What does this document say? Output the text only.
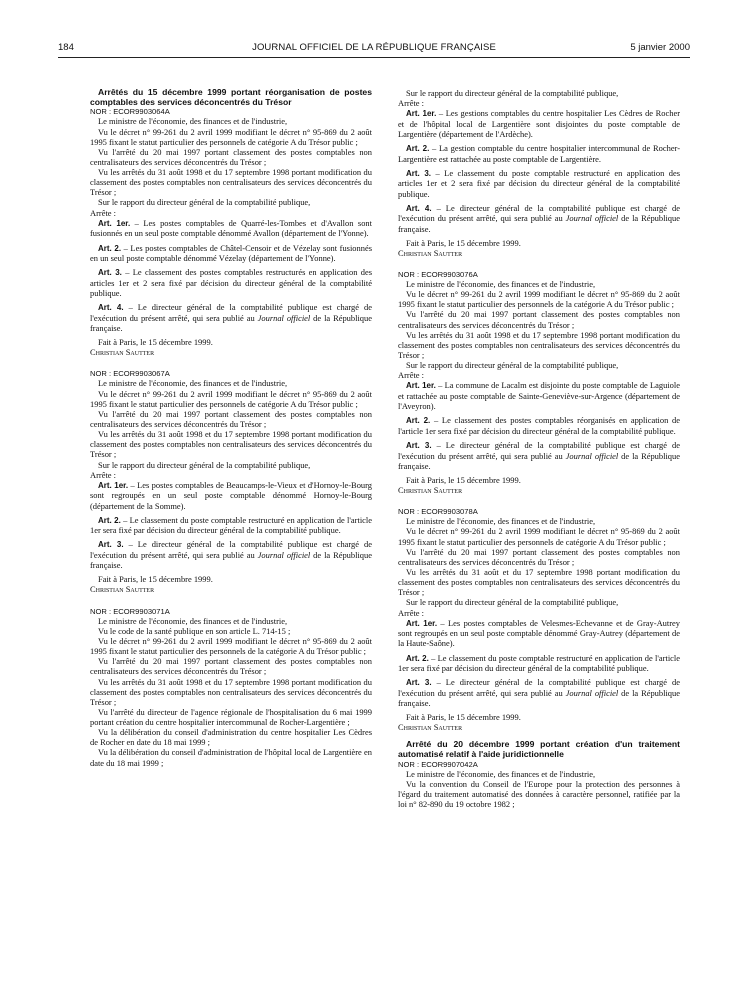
184	JOURNAL OFFICIEL DE LA RÉPUBLIQUE FRANÇAISE	5 janvier 2000

Arrêtés du 15 décembre 1999 portant réorganisation de postes comptables des services déconcentrés du Trésor

NOR : ECOR9903064A

Le ministre de l'économie, des finances et de l'industrie,

Vu le décret n° 99-261 du 2 avril 1999 modifiant le décret n° 95-869 du 2 août 1995 fixant le statut particulier des personnels de catégorie A du Trésor public ;

Vu l'arrêté du 20 mai 1997 portant classement des postes comptables non centralisateurs des services déconcentrés du Trésor ;

Vu les arrêtés du 31 août 1998 et du 17 septembre 1998 portant modification du classement des postes comptables non centralisateurs des services déconcentrés du Trésor ;

Sur le rapport du directeur général de la comptabilité publique,

Arrête :

Art. 1er. – Les postes comptables de Quarré-les-Tombes et d'Avallon sont fusionnés en un seul poste comptable dénommé Avallon (département de l'Yonne).

Art. 2. – Les postes comptables de Châtel-Censoir et de Vézelay sont fusionnés en un seul poste comptable dénommé Vézelay (département de l'Yonne).

Art. 3. – Le classement des postes comptables restructurés en application des articles 1er et 2 sera fixé par décision du directeur général de la comptabilité publique.

Art. 4. – Le directeur général de la comptabilité publique est chargé de l'exécution du présent arrêté, qui sera publié au Journal officiel de la République française.

Fait à Paris, le 15 décembre 1999.

Christian Sautter

NOR : ECOR9903067A

Le ministre de l'économie, des finances et de l'industrie,

Vu le décret n° 99-261 du 2 avril 1999 modifiant le décret n° 95-869 du 2 août 1995 fixant le statut particulier des personnels de catégorie A du Trésor public ;

Vu l'arrêté du 20 mai 1997 portant classement des postes comptables non centralisateurs des services déconcentrés du Trésor ;

Vu les arrêtés du 31 août 1998 et du 17 septembre 1998 portant modification du classement des postes comptables non centralisateurs des services déconcentrés du Trésor ;

Sur le rapport du directeur général de la comptabilité publique,

Arrête :

Art. 1er. – Les postes comptables de Beaucamps-le-Vieux et d'Hornoy-le-Bourg sont regroupés en un seul poste comptable dénommé Hornoy-le-Bourg (département de la Somme).

Art. 2. – Le classement du poste comptable restructuré en application de l'article 1er sera fixé par décision du directeur général de la comptabilité publique.

Art. 3. – Le directeur général de la comptabilité publique est chargé de l'exécution du présent arrêté, qui sera publié au Journal officiel de la République française.

Fait à Paris, le 15 décembre 1999.

Christian Sautter

NOR : ECOR9903071A

Le ministre de l'économie, des finances et de l'industrie,

Vu le code de la santé publique en son article L. 714-15 ;

Vu le décret n° 99-261 du 2 avril 1999 modifiant le décret n° 95-869 du 2 août 1995 fixant le statut particulier des personnels de la catégorie A du Trésor public ;

Vu l'arrêté du 20 mai 1997 portant classement des postes comptables non centralisateurs des services déconcentrés du Trésor ;

Vu les arrêtés du 31 août 1998 et du 17 septembre 1998 portant modification du classement des postes comptables non centralisateurs des services déconcentrés du Trésor ;

Vu l'arrêté du directeur de l'agence régionale de l'hospitalisation du 6 mai 1999 portant création du centre hospitalier intercommunal de Rocher-Largentière ;

Vu la délibération du conseil d'administration du centre hospitalier Les Cèdres de Rocher en date du 18 mai 1999 ;

Vu la délibération du conseil d'administration de l'hôpital local de Largentière en date du 18 mai 1999 ;

Sur le rapport du directeur général de la comptabilité publique,

Arrête :

Art. 1er. – Les gestions comptables du centre hospitalier Les Cèdres de Rocher et de l'hôpital local de Largentière sont disjointes du poste comptable de Largentière (département de l'Ardèche).

Art. 2. – La gestion comptable du centre hospitalier intercommunal de Rocher-Largentière est rattachée au poste comptable de Largentière.

Art. 3. – Le classement du poste comptable restructuré en application des articles 1er et 2 sera fixé par décision du directeur général de la comptabilité publique.

Art. 4. – Le directeur général de la comptabilité publique est chargé de l'exécution du présent arrêté, qui sera publié au Journal officiel de la République française.

Fait à Paris, le 15 décembre 1999.

Christian Sautter

NOR : ECOR9903076A

Le ministre de l'économie, des finances et de l'industrie,

Vu le décret n° 99-261 du 2 avril 1999 modifiant le décret n° 95-869 du 2 août 1995 fixant le statut particulier des personnels de la catégorie A du Trésor public ;

Vu l'arrêté du 20 mai 1997 portant classement des postes comptables non centralisateurs des services déconcentrés du Trésor ;

Vu les arrêtés du 31 août 1998 et du 17 septembre 1998 portant modification du classement des postes comptables non centralisateurs des services déconcentrés du Trésor ;

Sur le rapport du directeur général de la comptabilité publique,

Arrête :

Art. 1er. – La commune de Lacalm est disjointe du poste comptable de Laguiole et rattachée au poste comptable de Sainte-Geneviève-sur-Argence (département de l'Aveyron).

Art. 2. – Le classement des postes comptables réorganisés en application de l'article 1er sera fixé par décision du directeur général de la comptabilité publique.

Art. 3. – Le directeur général de la comptabilité publique est chargé de l'exécution du présent arrêté, qui sera publié au Journal officiel de la République française.

Fait à Paris, le 15 décembre 1999.

Christian Sautter

NOR : ECOR9903078A

Le ministre de l'économie, des finances et de l'industrie,

Vu le décret n° 99-261 du 2 avril 1999 modifiant le décret n° 95-869 du 2 août 1995 fixant le statut particulier des personnels de catégorie A du Trésor public ;

Vu l'arrêté du 20 mai 1997 portant classement des postes comptables non centralisateurs des services déconcentrés du Trésor ;

Vu les arrêtés du 31 août et du 17 septembre 1998 portant modification du classement des postes comptables non centralisateurs des services déconcentrés du Trésor ;

Sur le rapport du directeur général de la comptabilité publique,

Arrête :

Art. 1er. – Les postes comptables de Velesmes-Echevanne et de Gray-Autrey sont regroupés en un seul poste comptable dénommé Gray-Autrey (département de la Haute-Saône).

Art. 2. – Le classement du poste comptable restructuré en application de l'article 1er sera fixé par décision du directeur général de la comptabilité publique.

Art. 3. – Le directeur général de la comptabilité publique est chargé de l'exécution du présent arrêté, qui sera publié au Journal officiel de la République française.

Fait à Paris, le 15 décembre 1999.

Christian Sautter

Arrêté du 20 décembre 1999 portant création d'un traitement automatisé relatif à l'aide juridictionnelle

NOR : ECOR9907042A

Le ministre de l'économie, des finances et de l'industrie,

Vu la convention du Conseil de l'Europe pour la protection des personnes à l'égard du traitement automatisé des données à caractère personnel, ratifiée par la loi n° 82-890 du 19 octobre 1982 ;
